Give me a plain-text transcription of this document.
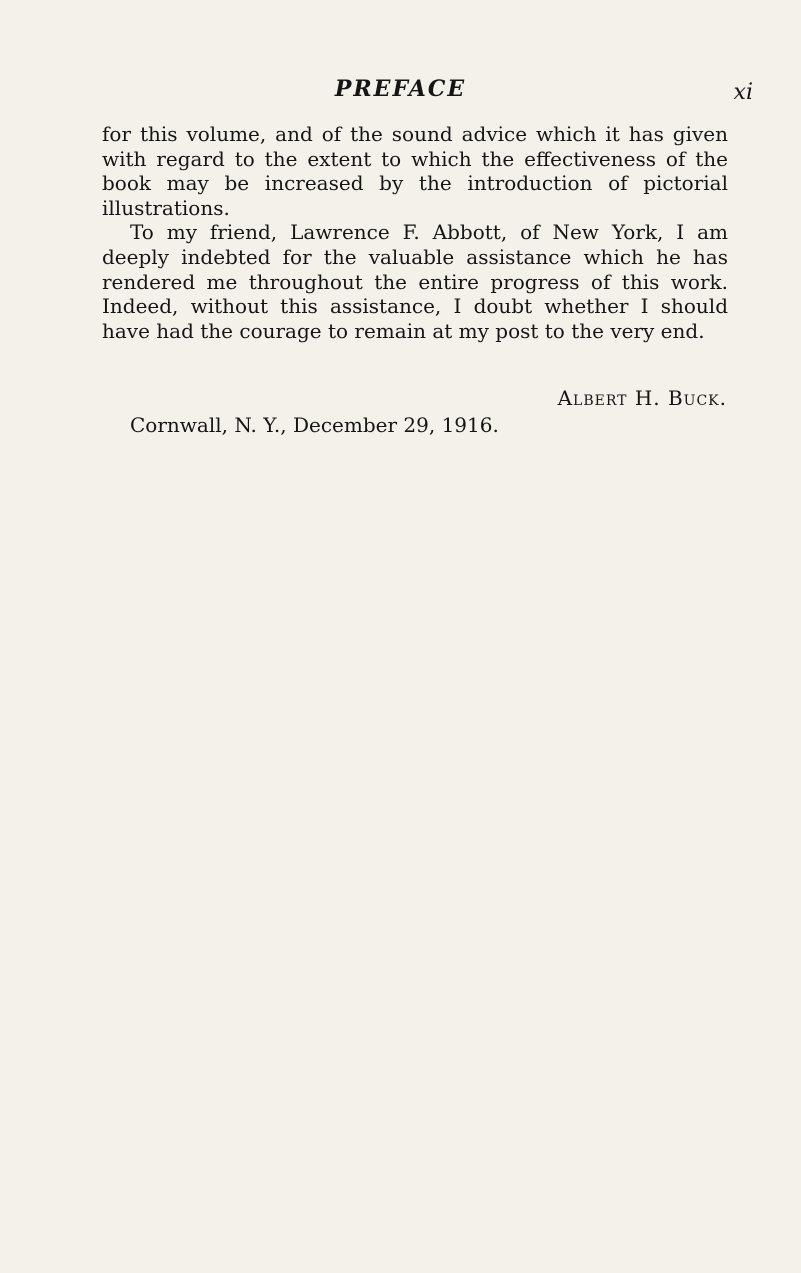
PREFACE	xi

for this volume, and of the sound advice which it has given with regard to the extent to which the effectiveness of the book may be increased by the introduction of pictorial illustrations.

To my friend, Lawrence F. Abbott, of New York, I am deeply indebted for the valuable assistance which he has rendered me throughout the entire progress of this work. Indeed, without this assistance, I doubt whether I should have had the courage to remain at my post to the very end.

Albert H. Buck.
Cornwall, N. Y., December 29, 1916.
